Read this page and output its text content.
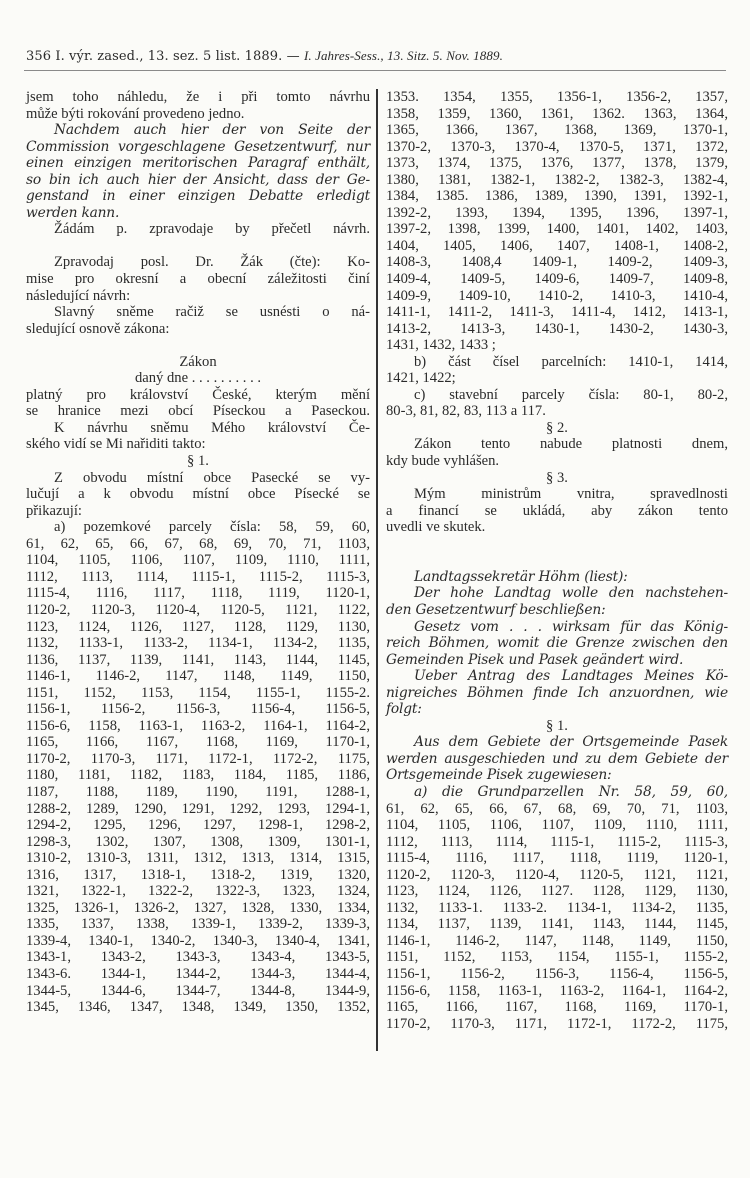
356 I. výr. zased., 13. sez. 5 list. 1889. — I. Jahres-Sess., 13. Sitz. 5. Nov. 1889.
jsem toho náhledu, že i při tomto návrhu
může býti rokování provedeno jedno.
Nachdem auch hier der von Seite der
Commission vorgeschlagene Gesetzentwurf, nur
einen einzigen meritorischen Paragraf enthält,
so bin ich auch hier der Ansicht, dass der Ge-
genstand in einer einzigen Debatte erledigt
werden kann.
Žádám p. zpravodaje by přečetl návrh.
Zpravodaj posl. Dr. Žák (čte): Ko-
mise pro okresní a obecní záležitosti činí
následující návrh:
Slavný sněme račiž se usnésti o ná-
sledující osnově zákona:
Zákon
daný dne . . . . . . . . . .
platný pro království České, kterým mění
se hranice mezi obcí Píseckou a Paseckou.
K návrhu sněmu Mého království Če-
ského vidí se Mi nařiditi takto:
§ 1.
Z obvodu místní obce Pasecké se vy-
lučují a k obvodu místní obce Písecké se
přikazují:
a) pozemkové parcely čísla: 58, 59, 60,
61, 62, 65, 66, 67, 68, 69, 70, 71, 1103,
1104, 1105, 1106, 1107, 1109, 1110, 1111,
1112, 1113, 1114, 1115-1, 1115-2, 1115-3,
1115-4, 1116, 1117, 1118, 1119, 1120-1,
1120-2, 1120-3, 1120-4, 1120-5, 1121, 1122,
1123, 1124, 1126, 1127, 1128, 1129, 1130,
1132, 1133-1, 1133-2, 1134-1, 1134-2, 1135,
1136, 1137, 1139, 1141, 1143, 1144, 1145,
1146-1, 1146-2, 1147, 1148, 1149, 1150,
1151, 1152, 1153, 1154, 1155-1, 1155-2.
1156-1, 1156-2, 1156-3, 1156-4, 1156-5,
1156-6, 1158, 1163-1, 1163-2, 1164-1, 1164-2,
1165, 1166, 1167, 1168, 1169, 1170-1,
1170-2, 1170-3, 1171, 1172-1, 1172-2, 1175,
1180, 1181, 1182, 1183, 1184, 1185, 1186,
1187, 1188, 1189, 1190, 1191, 1288-1,
1288-2, 1289, 1290, 1291, 1292, 1293, 1294-1,
1294-2, 1295, 1296, 1297, 1298-1, 1298-2,
1298-3, 1302, 1307, 1308, 1309, 1301-1,
1310-2, 1310-3, 1311, 1312, 1313, 1314, 1315,
1316, 1317, 1318-1, 1318-2, 1319, 1320,
1321, 1322-1, 1322-2, 1322-3, 1323, 1324,
1325, 1326-1, 1326-2, 1327, 1328, 1330, 1334,
1335, 1337, 1338, 1339-1, 1339-2, 1339-3,
1339-4, 1340-1, 1340-2, 1340-3, 1340-4, 1341,
1343-1, 1343-2, 1343-3, 1343-4, 1343-5,
1343-6. 1344-1, 1344-2, 1344-3, 1344-4,
1344-5, 1344-6, 1344-7, 1344-8, 1344-9,
1345, 1346, 1347, 1348, 1349, 1350, 1352,
1353. 1354, 1355, 1356-1, 1356-2, 1357,
1358, 1359, 1360, 1361, 1362. 1363, 1364,
1365, 1366, 1367, 1368, 1369, 1370-1,
1370-2, 1370-3, 1370-4, 1370-5, 1371, 1372,
1373, 1374, 1375, 1376, 1377, 1378, 1379,
1380, 1381, 1382-1, 1382-2, 1382-3, 1382-4,
1384, 1385. 1386, 1389, 1390, 1391, 1392-1,
1392-2, 1393, 1394, 1395, 1396, 1397-1,
1397-2, 1398, 1399, 1400, 1401, 1402, 1403,
1404, 1405, 1406, 1407, 1408-1, 1408-2,
1408-3, 1408,4 1409-1, 1409-2, 1409-3,
1409-4, 1409-5, 1409-6, 1409-7, 1409-8,
1409-9, 1409-10, 1410-2, 1410-3, 1410-4,
1411-1, 1411-2, 1411-3, 1411-4, 1412, 1413-1,
1413-2, 1413-3, 1430-1, 1430-2, 1430-3,
1431, 1432, 1433 ;
b) část čísel parcelních: 1410-1, 1414,
1421, 1422;
c) stavební parcely čísla: 80-1, 80-2,
80-3, 81, 82, 83, 113 a 117.
§ 2.
Zákon tento nabude platnosti dnem,
kdy bude vyhlášen.
§ 3.
Mým ministrům vnitra, spravedlnosti
a financí se ukládá, aby zákon tento
uvedli ve skutek.
Landtagssekretär Höhm (liest):
Der hohe Landtag wolle den nachstehen-
den Gesetzentwurf beschließen:
Gesetz vom . . . wirksam für das König-
reich Böhmen, womit die Grenze zwischen den
Gemeinden Pisek und Pasek geändert wird.
Ueber Antrag des Landtages Meines Kö-
nigreiches Böhmen finde Ich anzuordnen, wie
folgt:
§ 1.
Aus dem Gebiete der Ortsgemeinde Pasek
werden ausgeschieden und zu dem Gebiete der
Ortsgemeinde Pisek zugewiesen:
a) die Grundparzellen Nr. 58, 59, 60,
61, 62, 65, 66, 67, 68, 69, 70, 71, 1103,
1104, 1105, 1106, 1107, 1109, 1110, 1111,
1112, 1113, 1114, 1115-1, 1115-2, 1115-3,
1115-4, 1116, 1117, 1118, 1119, 1120-1,
1120-2, 1120-3, 1120-4, 1120-5, 1121, 1121,
1123, 1124, 1126, 1127. 1128, 1129, 1130,
1132, 1133-1. 1133-2. 1134-1, 1134-2, 1135,
1134, 1137, 1139, 1141, 1143, 1144, 1145,
1146-1, 1146-2, 1147, 1148, 1149, 1150,
1151, 1152, 1153, 1154, 1155-1, 1155-2,
1156-1, 1156-2, 1156-3, 1156-4, 1156-5,
1156-6, 1158, 1163-1, 1163-2, 1164-1, 1164-2,
1165, 1166, 1167, 1168, 1169, 1170-1,
1170-2, 1170-3, 1171, 1172-1, 1172-2, 1175,
